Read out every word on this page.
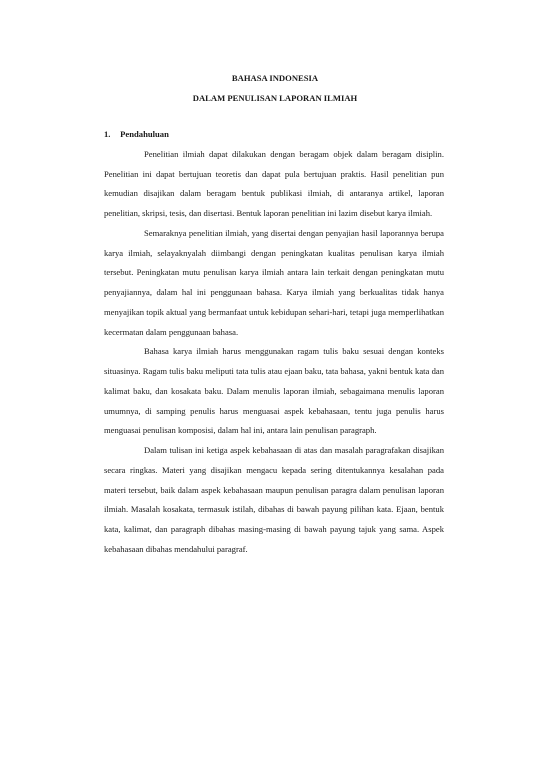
BAHASA INDONESIA
DALAM PENULISAN LAPORAN ILMIAH

1. Pendahuluan

Penelitian ilmiah dapat dilakukan dengan beragam objek dalam beragam disiplin. Penelitian ini dapat bertujuan teoretis dan dapat pula bertujuan praktis. Hasil penelitian pun kemudian disajikan dalam beragam bentuk publikasi ilmiah, di antaranya artikel, laporan penelitian, skripsi, tesis, dan disertasi. Bentuk laporan penelitian ini lazim disebut karya ilmiah.

Semaraknya penelitian ilmiah, yang disertai dengan penyajian hasil laporannya berupa karya ilmiah, selayaknyalah diimbangi dengan peningkatan kualitas penulisan karya ilmiah tersebut. Peningkatan mutu penulisan karya ilmiah antara lain terkait dengan peningkatan mutu penyajiannya, dalam hal ini penggunaan bahasa. Karya ilmiah yang berkualitas tidak hanya menyajikan topik aktual yang bermanfaat untuk kebidupan sehari-hari, tetapi juga memperlihatkan kecermatan dalam penggunaan bahasa.

Bahasa karya ilmiah harus menggunakan ragam tulis baku sesuai dengan konteks situasinya. Ragam tulis baku meliputi tata tulis atau ejaan baku, tata bahasa, yakni bentuk kata dan kalimat baku, dan kosakata baku. Dalam menulis laporan ilmiah, sebagaimana menulis laporan umumnya, di samping penulis harus menguasai aspek kebahasaan, tentu juga penulis harus menguasai penulisan komposisi, dalam hal ini, antara lain penulisan paragraph.

Dalam tulisan ini ketiga aspek kebahasaan di atas dan masalah paragrafakan disajikan secara ringkas. Materi yang disajikan mengacu kepada sering ditentukannya kesalahan pada materi tersebut, baik dalam aspek kebahasaan maupun penulisan paragra dalam penulisan laporan ilmiah. Masalah kosakata, termasuk istilah, dibahas di bawah payung pilihan kata. Ejaan, bentuk kata, kalimat, dan paragraph dibahas masing-masing di bawah payung tajuk yang sama. Aspek kebahasaan dibahas mendahului paragraf.
